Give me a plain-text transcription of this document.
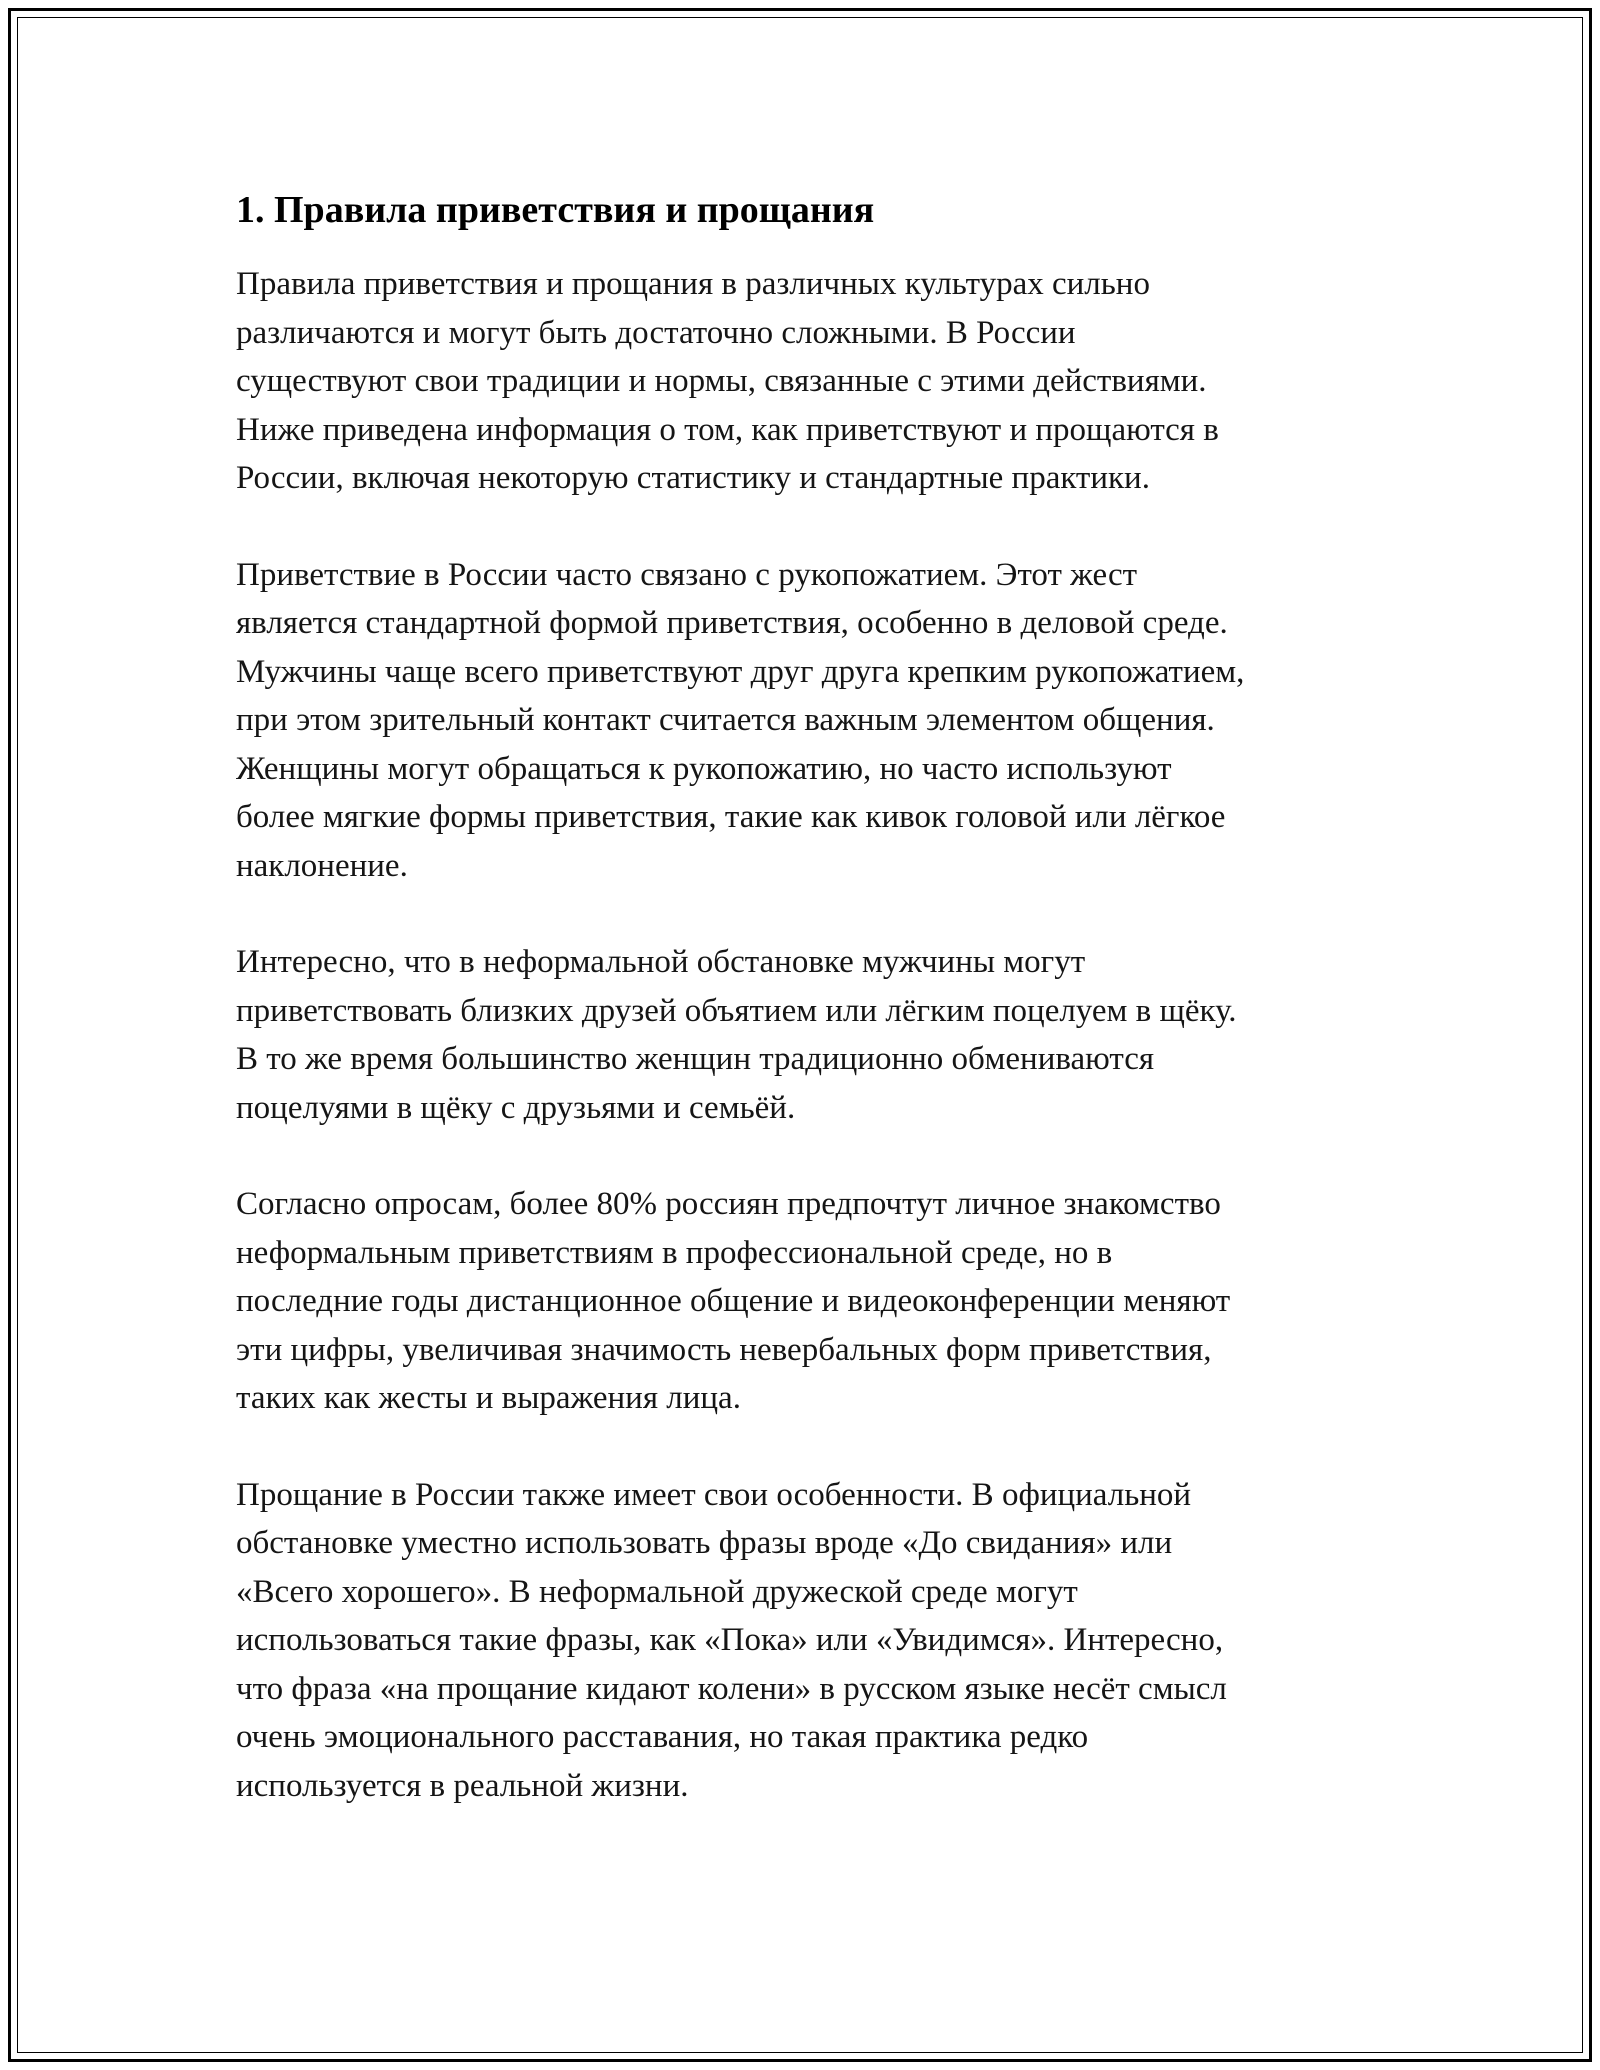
1. Правила приветствия и прощания
Правила приветствия и прощания в различных культурах сильно
различаются и могут быть достаточно сложными. В России
существуют свои традиции и нормы, связанные с этими действиями.
Ниже приведена информация о том, как приветствуют и прощаются в
России, включая некоторую статистику и стандартные практики.
Приветствие в России часто связано с рукопожатием. Этот жест
является стандартной формой приветствия, особенно в деловой среде.
Мужчины чаще всего приветствуют друг друга крепким рукопожатием,
при этом зрительный контакт считается важным элементом общения.
Женщины могут обращаться к рукопожатию, но часто используют
более мягкие формы приветствия, такие как кивок головой или лёгкое
наклонение.
Интересно, что в неформальной обстановке мужчины могут
приветствовать близких друзей объятием или лёгким поцелуем в щёку.
В то же время большинство женщин традиционно обмениваются
поцелуями в щёку с друзьями и семьёй.
Согласно опросам, более 80% россиян предпочтут личное знакомство
неформальным приветствиям в профессиональной среде, но в
последние годы дистанционное общение и видеоконференции меняют
эти цифры, увеличивая значимость невербальных форм приветствия,
таких как жесты и выражения лица.
Прощание в России также имеет свои особенности. В официальной
обстановке уместно использовать фразы вроде «До свидания» или
«Всего хорошего». В неформальной дружеской среде могут
использоваться такие фразы, как «Пока» или «Увидимся». Интересно,
что фраза «на прощание кидают колени» в русском языке несёт смысл
очень эмоционального расставания, но такая практика редко
используется в реальной жизни.
